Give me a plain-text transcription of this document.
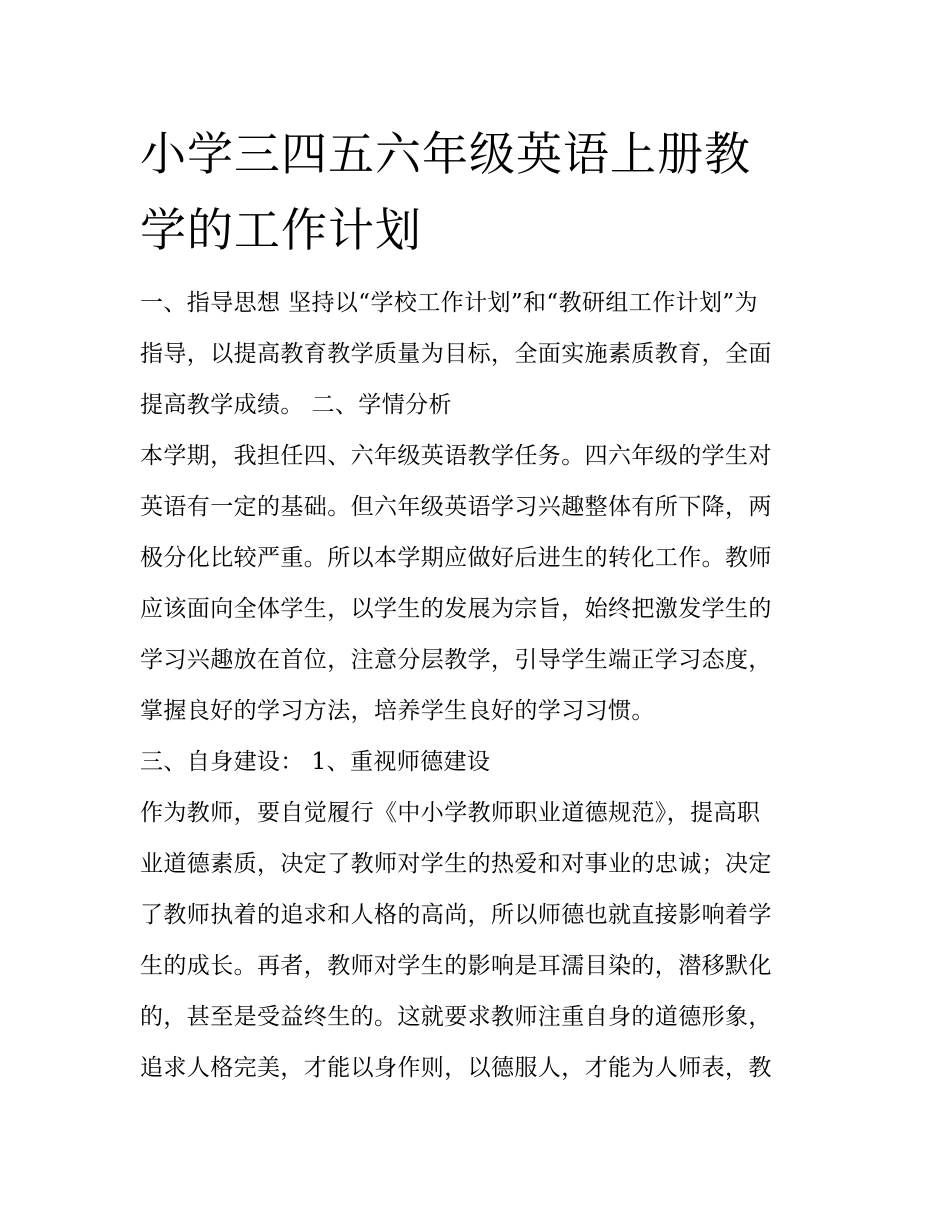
小学三四五六年级英语上册教
学的工作计划
一、指导思想 坚持以“学校工作计划”和“教研组工作计划”为
指导，以提高教育教学质量为目标，全面实施素质教育，全面
提高教学成绩。 二、学情分析
本学期，我担任四、六年级英语教学任务。四六年级的学生对
英语有一定的基础。但六年级英语学习兴趣整体有所下降，两
极分化比较严重。所以本学期应做好后进生的转化工作。教师
应该面向全体学生，以学生的发展为宗旨，始终把激发学生的
学习兴趣放在首位，注意分层教学，引导学生端正学习态度，
掌握良好的学习方法，培养学生良好的学习习惯。
三、自身建设： 1、重视师德建设
作为教师，要自觉履行《中小学教师职业道德规范》，提高职
业道德素质，决定了教师对学生的热爱和对事业的忠诚；决定
了教师执着的追求和人格的高尚，所以师德也就直接影响着学
生的成长。再者，教师对学生的影响是耳濡目染的，潜移默化
的，甚至是受益终生的。这就要求教师注重自身的道德形象，
追求人格完美，才能以身作则，以德服人，才能为人师表，教
